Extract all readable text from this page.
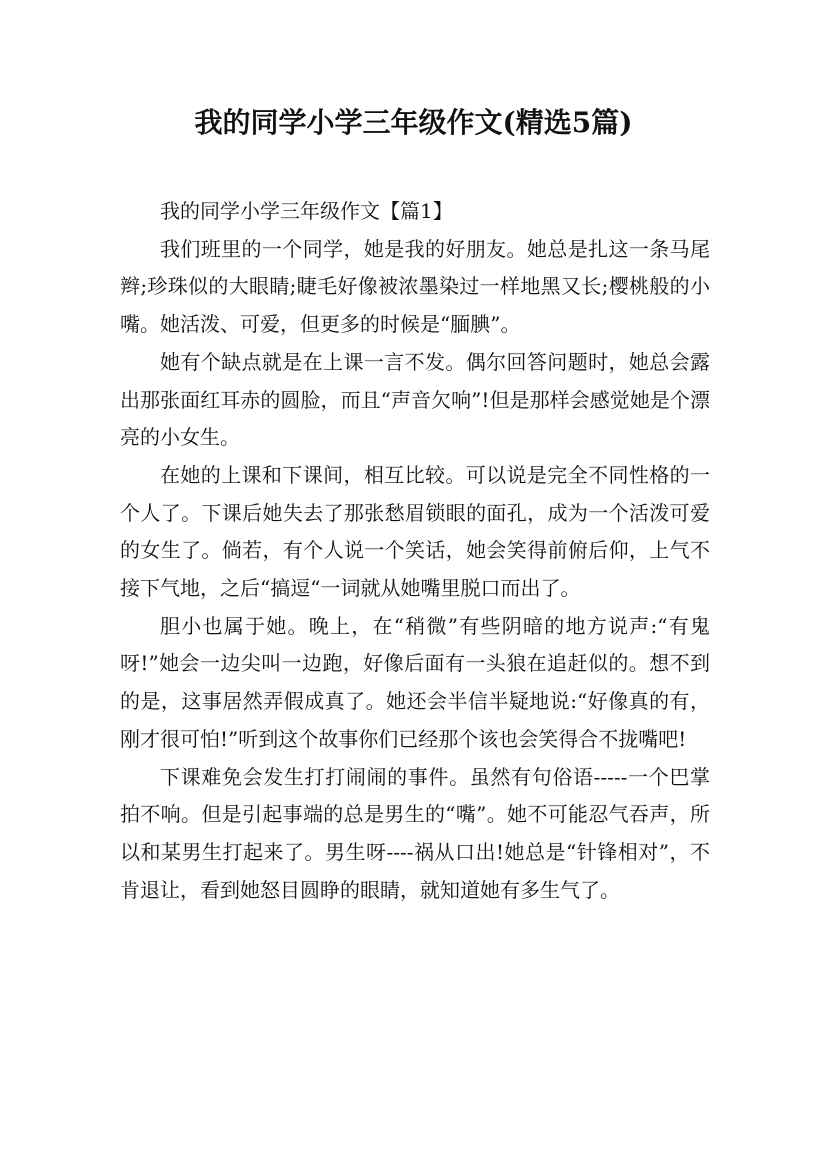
我的同学小学三年级作文(精选5篇)

我的同学小学三年级作文【篇1】

我们班里的一个同学，她是我的好朋友。她总是扎这一条马尾辫;珍珠似的大眼睛;睫毛好像被浓墨染过一样地黑又长;樱桃般的小嘴。她活泼、可爱，但更多的时候是“腼腆”。

她有个缺点就是在上课一言不发。偶尔回答问题时，她总会露出那张面红耳赤的圆脸，而且“声音欠响”!但是那样会感觉她是个漂亮的小女生。

在她的上课和下课间，相互比较。可以说是完全不同性格的一个人了。下课后她失去了那张愁眉锁眼的面孔，成为一个活泼可爱的女生了。倘若，有个人说一个笑话，她会笑得前俯后仰，上气不接下气地，之后“搞逗“一词就从她嘴里脱口而出了。

胆小也属于她。晚上，在“稍微”有些阴暗的地方说声:“有鬼呀!”她会一边尖叫一边跑，好像后面有一头狼在追赶似的。想不到的是，这事居然弄假成真了。她还会半信半疑地说:“好像真的有，刚才很可怕!”听到这个故事你们已经那个该也会笑得合不拢嘴吧!

下课难免会发生打打闹闹的事件。虽然有句俗语-----一个巴掌拍不响。但是引起事端的总是男生的“嘴”。她不可能忍气吞声，所以和某男生打起来了。男生呀----祸从口出!她总是“针锋相对”，不肯退让，看到她怒目圆睁的眼睛，就知道她有多生气了。
